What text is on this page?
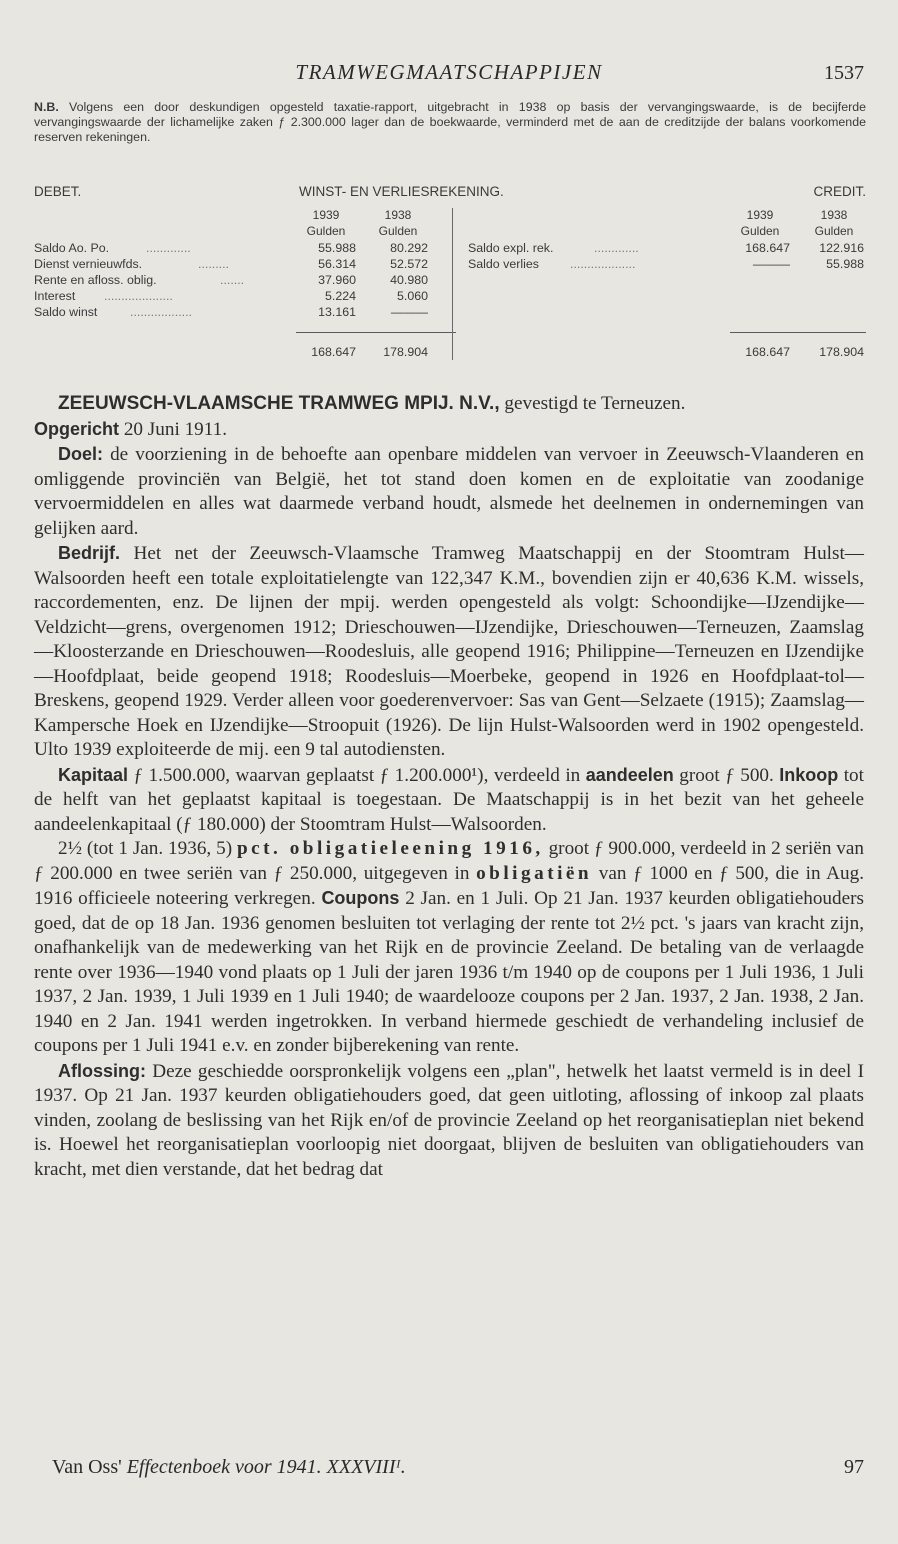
TRAMWEGMAATSCHAPPIJEN	1537
N.B. Volgens een door deskundigen opgesteld taxatie-rapport, uitgebracht in 1938 op basis der vervangingswaarde, is de becijferde vervangingswaarde der lichamelijke zaken ƒ 2.300.000 lager dan de boekwaarde, verminderd met de aan de creditzijde der balans voorkomende reserven rekeningen.
DEBET.	WINST- EN VERLIESREKENING.	CREDIT.
1939	1938
Gulden	Gulden
1939	1938
Gulden	Gulden
Saldo Ao. Po.	.............	55.988	80.292
Dienst vernieuwfds.	.........	56.314	52.572
Rente en afloss. oblig.	.......	37.960	40.980
Interest ....................	5.224	5.060
Saldo winst	..................	13.161	———
168.647	178.904
Saldo expl. rek.	.............	168.647	122.916
Saldo verlies	...................	———	55.988
168.647	178.904

ZEEUWSCH-VLAAMSCHE TRAMWEG MPIJ. N.V., gevestigd te Terneuzen.

Opgericht 20 Juni 1911.

Doel: de voorziening in de behoefte aan openbare middelen van vervoer in Zeeuwsch-Vlaanderen en omliggende provinciën van België, het tot stand doen komen en de exploitatie van zoodanige vervoermiddelen en alles wat daarmede verband houdt, alsmede het deelnemen in ondernemingen van gelijken aard.

Bedrijf. Het net der Zeeuwsch-Vlaamsche Tramweg Maatschappij en der Stoomtram Hulst—Walsoorden heeft een totale exploitatielengte van 122,347 K.M., bovendien zijn er 40,636 K.M. wissels, raccordementen, enz. De lijnen der mpij. werden opengesteld als volgt: Schoondijke—IJzendijke—Veldzicht—grens, overgenomen 1912; Drieschouwen—IJzendijke, Drieschouwen—Terneuzen, Zaamslag—Kloosterzande en Drieschouwen—Roodesluis, alle geopend 1916; Philippine—Terneuzen en IJzendijke—Hoofdplaat, beide geopend 1918; Roodesluis—Moerbeke, geopend in 1926 en Hoofdplaat-tol—Breskens, geopend 1929. Verder alleen voor goederenvervoer: Sas van Gent—Selzaete (1915); Zaamslag—Kampersche Hoek en IJzendijke—Stroopuit (1926). De lijn Hulst-Walsoorden werd in 1902 opengesteld. Ulto 1939 exploiteerde de mij. een 9 tal autodiensten.

Kapitaal ƒ 1.500.000, waarvan geplaatst ƒ 1.200.000¹), verdeeld in aandeelen groot ƒ 500. Inkoop tot de helft van het geplaatst kapitaal is toegestaan. De Maatschappij is in het bezit van het geheele aandeelenkapitaal (ƒ 180.000) der Stoomtram Hulst—Walsoorden.

2½ (tot 1 Jan. 1936, 5) pct. obligatieleening 1916, groot ƒ 900.000, verdeeld in 2 seriën van ƒ 200.000 en twee seriën van ƒ 250.000, uitgegeven in obligatiën van ƒ 1000 en ƒ 500, die in Aug. 1916 officieele noteering verkregen. Coupons 2 Jan. en 1 Juli. Op 21 Jan. 1937 keurden obligatiehouders goed, dat de op 18 Jan. 1936 genomen besluiten tot verlaging der rente tot 2½ pct. 's jaars van kracht zijn, onafhankelijk van de medewerking van het Rijk en de provincie Zeeland. De betaling van de verlaagde rente over 1936—1940 vond plaats op 1 Juli der jaren 1936 t/m 1940 op de coupons per 1 Juli 1936, 1 Juli 1937, 2 Jan. 1939, 1 Juli 1939 en 1 Juli 1940; de waardelooze coupons per 2 Jan. 1937, 2 Jan. 1938, 2 Jan. 1940 en 2 Jan. 1941 werden ingetrokken. In verband hiermede geschiedt de verhandeling inclusief de coupons per 1 Juli 1941 e.v. en zonder bijberekening van rente.

Aflossing: Deze geschiedde oorspronkelijk volgens een „plan", hetwelk het laatst vermeld is in deel I 1937. Op 21 Jan. 1937 keurden obligatiehouders goed, dat geen uitloting, aflossing of inkoop zal plaats vinden, zoolang de beslissing van het Rijk en/of de provincie Zeeland op het reorganisatieplan niet bekend is. Hoewel het reorganisatieplan voorloopig niet doorgaat, blijven de besluiten van obligatiehouders van kracht, met dien verstande, dat het bedrag dat

Van Oss' Effectenboek voor 1941. XXXVIIIᴵ.	97
